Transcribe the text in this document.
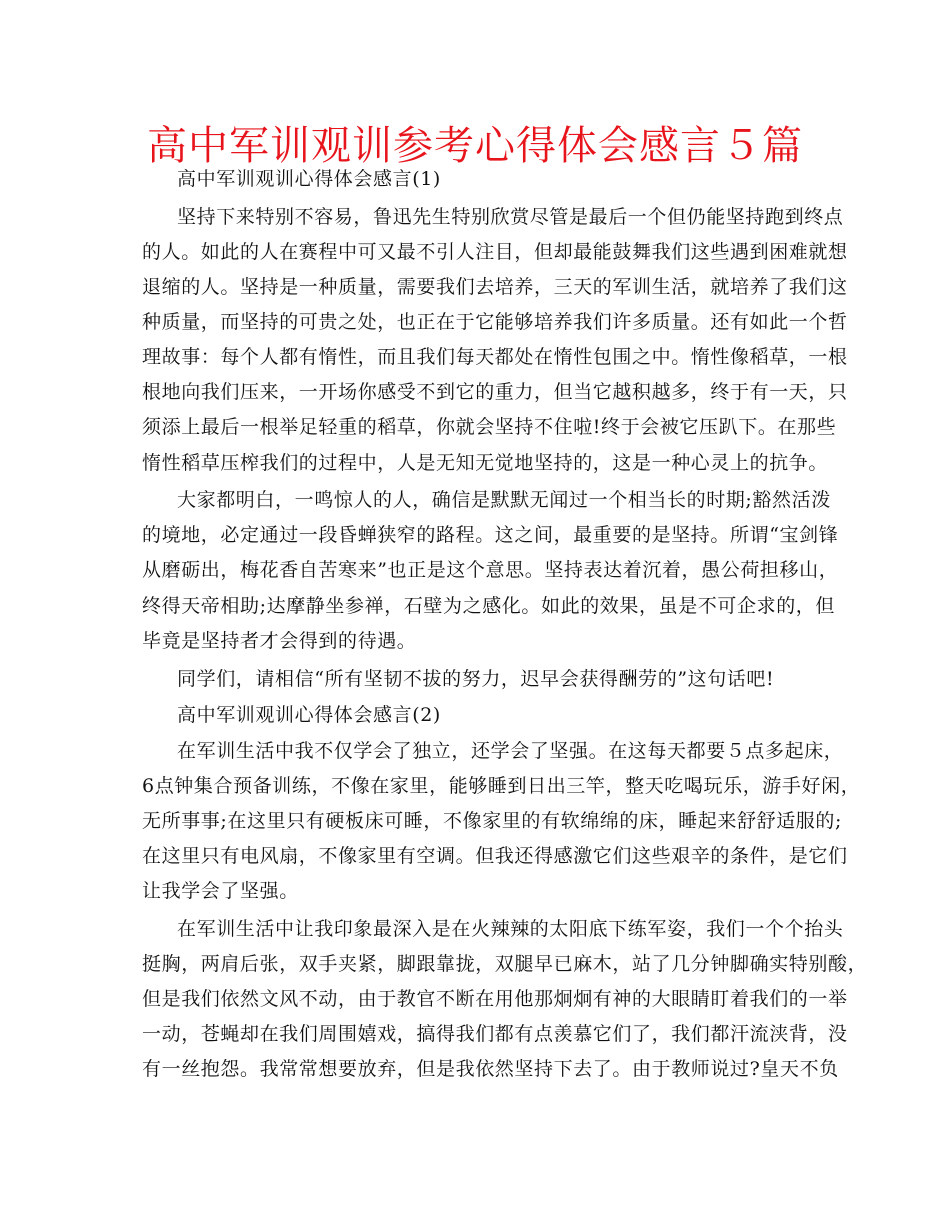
高中军训观训参考心得体会感言５篇
高中军训观训心得体会感言(1)
坚持下来特别不容易，鲁迅先生特别欣赏尽管是最后一个但仍能坚持跑到终点
的人。如此的人在赛程中可又最不引人注目，但却最能鼓舞我们这些遇到困难就想
退缩的人。坚持是一种质量，需要我们去培养，三天的军训生活，就培养了我们这
种质量，而坚持的可贵之处，也正在于它能够培养我们许多质量。还有如此一个哲
理故事：每个人都有惰性，而且我们每天都处在惰性包围之中。惰性像稻草，一根
根地向我们压来，一开场你感受不到它的重力，但当它越积越多，终于有一天，只
须添上最后一根举足轻重的稻草，你就会坚持不住啦!终于会被它压趴下。在那些
惰性稻草压榨我们的过程中，人是无知无觉地坚持的，这是一种心灵上的抗争。
大家都明白，一鸣惊人的人，确信是默默无闻过一个相当长的时期;豁然活泼
的境地，必定通过一段昏蝉狭窄的路程。这之间，最重要的是坚持。所谓“宝剑锋
从磨砺出，梅花香自苦寒来”也正是这个意思。坚持表达着沉着，愚公荷担移山，
终得天帝相助;达摩静坐参禅，石壁为之感化。如此的效果，虽是不可企求的，但
毕竟是坚持者才会得到的待遇。
同学们，请相信“所有坚韧不拔的努力，迟早会获得酬劳的”这句话吧!
高中军训观训心得体会感言(2)
在军训生活中我不仅学会了独立，还学会了坚强。在这每天都要５点多起床，
6点钟集合预备训练，不像在家里，能够睡到日出三竿，整天吃喝玩乐，游手好闲，
无所事事;在这里只有硬板床可睡，不像家里的有软绵绵的床，睡起来舒舒适服的;
在这里只有电风扇，不像家里有空调。但我还得感激它们这些艰辛的条件，是它们
让我学会了坚强。
在军训生活中让我印象最深入是在火辣辣的太阳底下练军姿，我们一个个抬头
挺胸，两肩后张，双手夹紧，脚跟靠拢，双腿早已麻木，站了几分钟脚确实特别酸，
但是我们依然文风不动，由于教官不断在用他那炯炯有神的大眼睛盯着我们的一举
一动，苍蝇却在我们周围嬉戏，搞得我们都有点羡慕它们了，我们都汗流浃背，没
有一丝抱怨。我常常想要放弃，但是我依然坚持下去了。由于教师说过?皇天不负
